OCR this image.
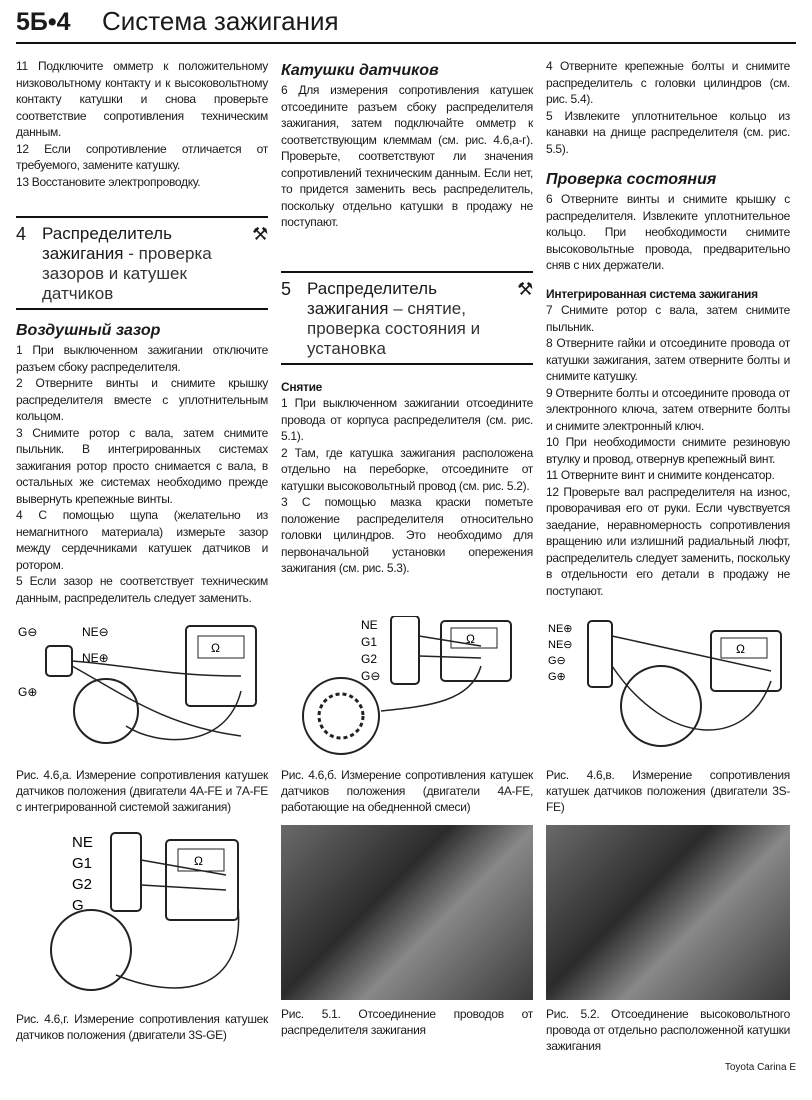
5Б•4	Система зажигания

11 Подключите омметр к положительному низковольтному контакту и к высоковольтному контакту катушки и снова проверьте соответствие сопротивления техническим данным.

12 Если сопротивление отличается от требуемого, замените катушку.

13 Восстановите электропроводку.

4 Распределитель зажигания - проверка зазоров и катушек датчиков
⚒
Воздушный зазор

1 При выключенном зажигании отключите разъем сбоку распределителя.

2 Отверните винты и снимите крышку распределителя вместе с уплотнительным кольцом.

3 Снимите ротор с вала, затем снимите пыльник. В интегрированных системах зажигания ротор просто снимается с вала, в остальных же системах необходимо прежде вывернуть крепежные винты.

4 С помощью щупа (желательно из немагнитного материала) измерьте зазор между сердечниками катушек датчиков и ротором.

5 Если зазор не соответствует техническим данным, распределитель следует заменить.

Катушки датчиков

6 Для измерения сопротивления катушек отсоедините разъем сбоку распределителя зажигания, затем подключайте омметр к соответствующим клеммам (см. рис. 4.6,а-г). Проверьте, соответствуют ли значения сопротивлений техническим данным. Если нет, то придется заменить весь распределитель, поскольку отдельно катушки в продажу не поступают.

5 Распределитель зажигания – снятие, проверка состояния и установка
⚒
Снятие

1 При выключенном зажигании отсоедините провода от корпуса распределителя (см. рис. 5.1).

2 Там, где катушка зажигания расположена отдельно на переборке, отсоедините от катушки высоковольтный провод (см. рис. 5.2).

3 С помощью мазка краски пометьте положение распределителя относительно головки цилиндров. Это необходимо для первоначальной установки опережения зажигания (см. рис. 5.3).

4 Отверните крепежные болты и снимите распределитель с головки цилиндров (см. рис. 5.4).

5 Извлеките уплотнительное кольцо из канавки на днище распределителя (см. рис. 5.5).

Проверка состояния

6 Отверните винты и снимите крышку с распределителя. Извлеките уплотнительное кольцо. При необходимости снимите высоковольтные провода, предварительно сняв с них держатели.

Интегрированная система зажигания

7 Снимите ротор с вала, затем снимите пыльник.

8 Отверните гайки и отсоедините провода от катушки зажигания, затем отверните болты и снимите катушку.

9 Отверните болты и отсоедините провода от электронного ключа, затем отверните болты и снимите электронный ключ.

10 При необходимости снимите резиновую втулку и провод, отвернув крепежный винт.

11 Отверните винт и снимите конденсатор.

12 Проверьте вал распределителя на износ, проворачивая его от руки. Если чувствуется заедание, неравномерность сопротивления вращению или излишний радиальный люфт, распределитель следует заменить, поскольку в отдельности его детали в продажу не поступают.

Ω
G⊖	NE⊖
G⊕
NE⊕
Рис. 4.6,а. Измерение сопротивления катушек датчиков положения (двигатели 4A-FE и 7A-FE с интегрированной системой зажигания)
Ω
NE
G1
G2
G⊖
Рис. 4.6,б. Измерение сопротивления катушек датчиков положения (двигатели 4A-FE, работающие на обедненной смеси)
Ω
NE⊕
NE⊖
G⊖
G⊕
Рис. 4.6,в. Измерение сопротивления катушек датчиков положения (двигатели 3S-FE)
Ω
NE
G1
G2
G
Рис. 4.6,г. Измерение сопротивления катушек датчиков положения (двигатели 3S-GE)
Рис. 5.1. Отсоединение проводов от распределителя зажигания
Рис. 5.2. Отсоединение высоковольтного провода от отдельно расположенной катушки зажигания
Toyota Carina E
